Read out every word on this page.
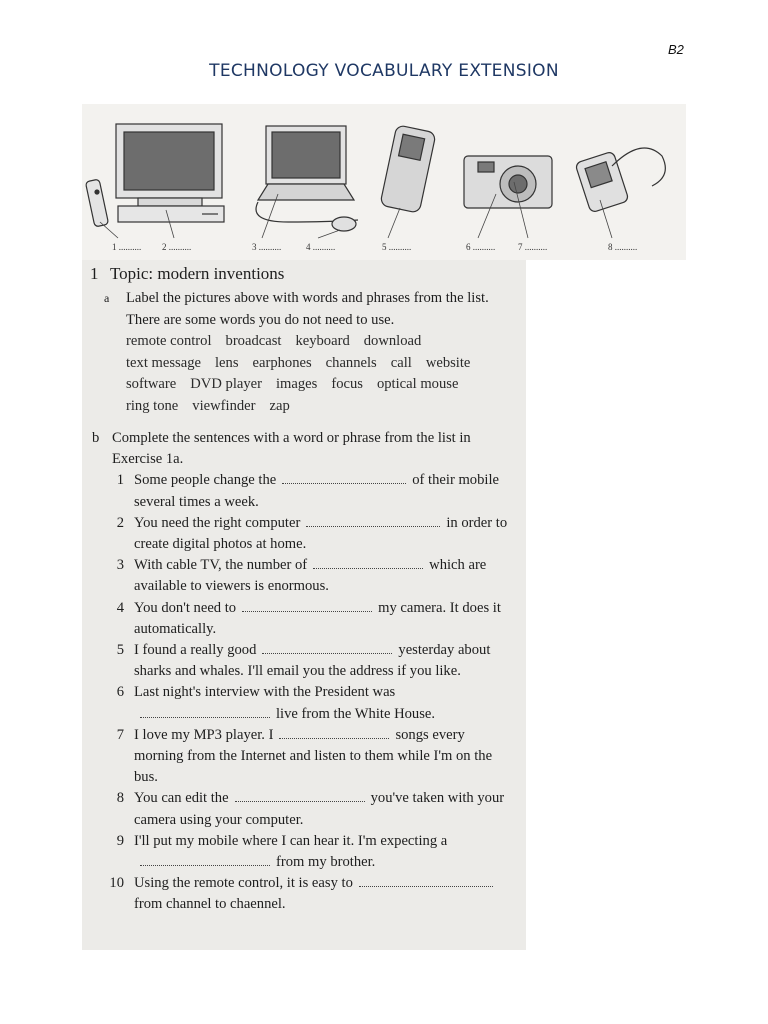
B2
TECHNOLOGY VOCABULARY EXTENSION
1 .......... 2 ..........	3 ..........	4 ..........	5 ..........	6 ..........	7 ..........	8 ..........
1 Topic: modern inventions
a Label the pictures above with words and phrases from the list. There are some words you do not need to use.
remote control broadcast keyboard downloadtext message lens earphones channels call websitesoftware DVD player images focus optical mousering tone viewfinder zap
b Complete the sentences with a word or phrase from the list in Exercise 1a.
1 Some people change the	of their mobile several times a week.
2 You need the right computer	in order to create digital photos at home.
3 With cable TV, the number of	which are available to viewers is enormous.
4 You don't need to	my camera. It does it automatically.
5 I found a really good	yesterday about sharks and whales. I'll email you the address if you like.
6 Last night's interview with the President waslive from the White House.
7 I love my MP3 player. I	songs every morning from the Internet and listen to them while I'm on the bus.
8 You can edit the	you've taken with your camera using your computer.
9 I'll put my mobile where I can hear it. I'm expecting afrom my brother.
10 Using the remote control, it is easy tofrom channel to chaennel.
